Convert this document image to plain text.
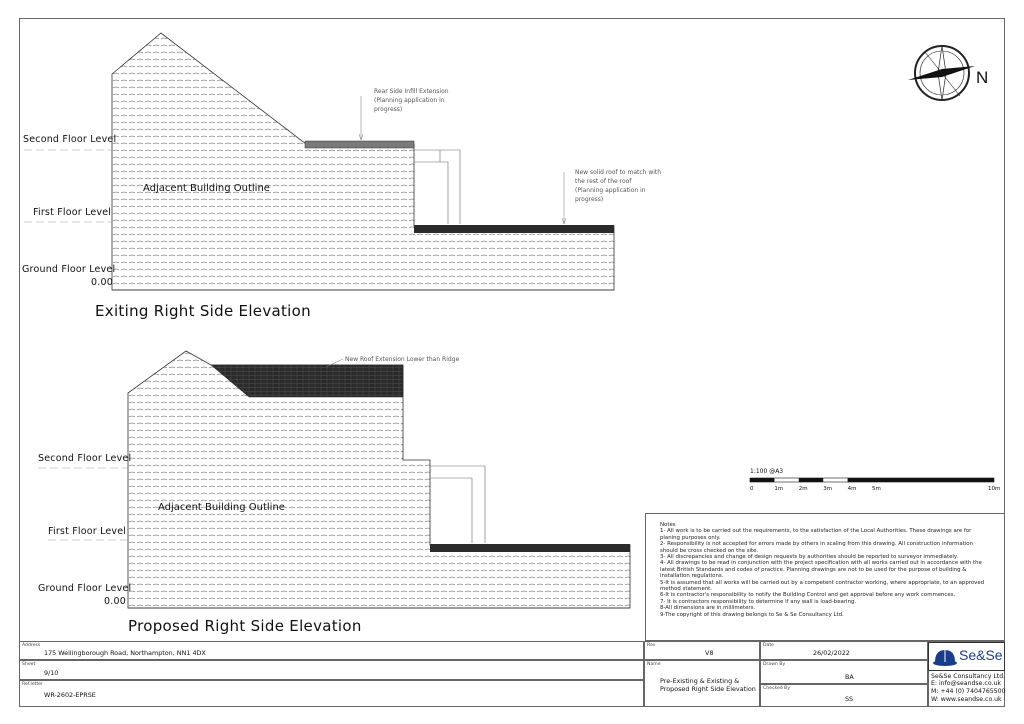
Second Floor Level
First Floor Level
Ground Floor Level
0.00
Adjacent Building Outline
Rear Side Infill Extension
(Planning application in
progress)
New solid roof to match with
the rest of the roof
(Planning application in
progress)
Exiting Right Side Elevation
Second Floor Level
First Floor Level
Ground Floor Level
0.00
Adjacent Building Outline
New Roof Extension Lower than Ridge
Proposed Right Side Elevation
1:100 @A3
0	1m	2m	3m	4m	5m	10m
N
Notes
1- All work is to be carried out the requirements, to the satisfaction of the Local Authorities. These drawings are for
planing purposes only.
2- Responsibility is not accepted for errors made by others in scaling from this drawing. All construction information
should be cross checked on the site.
3- All discrepancies and change of design requests by authorities should be reported to surveyor immediately.
4- All drawings to be read in conjunction with the project specification with all works carried out in accordance with the
latest British Standards and codes of practice. Planning drawings are not to be used for the purpose of building &
installation regulations.
5-It is assumed that all works will be carried out by a competent contractor working, where appropriate, to an approved
method statement.
6-It is contractor's responsibility to notify the Building Control and get approval before any work commences.
7- It is contractors responsibility to determine if any wall is load-bearing.
8-All dimensions are in millimeters.
9-The copyright of this drawing belongs to Se & Se Consultancy Ltd.
Address
175 Wellingborough Road, Northampton, NN1 4DX
Sheet
9/10
Ref.letter
WR-2602-EPRSE
Rev
V8
Date
26/02/2022
Name
Pre-Existing & Existing &
Proposed Right Side Elevation
Drawn By
BA
Checked By
SS
Se&Se
Se&Se Consultancy Ltd.
E: info@seandse.co.uk
M: +44 (0) 7404765500
W: www.seandse.co.uk
